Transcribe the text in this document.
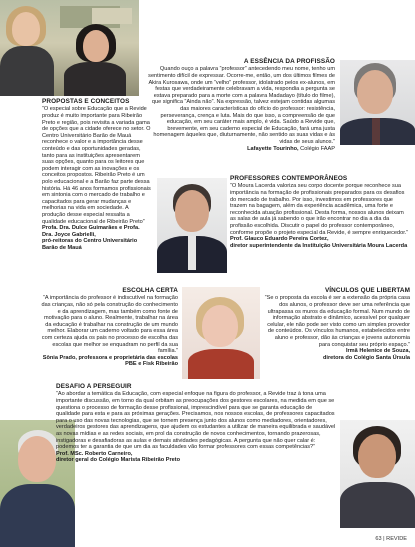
PROPOSTAS E CONCEITOS

“O especial sobre Educação que a Revide produz é muito importante para Ribeirão Preto e região, pois revisita a variada gama de opções que a cidade oferece no setor. O Centro Universitário Barão de Mauá reconhece o valor e a importância desse conteúdo e das oportunidades geradas, tanto para as instituições apresentarem suas opções, quanto para os leitores que podem interagir com as inovações e os conceitos propostos. Ribeirão Preto é um polo educacional e a Barão faz parte dessa história. Há 46 anos formamos profissionais em sintonia com o mercado de trabalho e capacitados para gerar mudanças e melhorias na vida em sociedade. A produção desse especial ressalta a qualidade educacional de Ribeirão Preto”

Profa. Dra. Dulce Guimarães e Profa. Dra. Joyce Gabrielli,

pró-reitoras do Centro Universitário Barão de Mauá

A ESSÊNCIA DA PROFISSÃO

Quando ouço a palavra “professor” antecedendo meu nome, tenho um sentimento difícil de expressar. Ocorre-me, então, um dos últimos filmes de Akira Kurosawa, onde um “velho” professor, idolatrado pelos ex-alunos, em festas que verdadeiramente celebravam a vida, respondia a pergunta se estava preparado para a morte com a palavra Madadayo (título do filme), que significa “Ainda não”. Na expressão, talvez estejam contidas algumas das maiores características do ofício do professor: resistência, perseverança, crença e luta. Mais do que isso, a compreensão de que educação, em seu caráter mais amplo, é vida. Saúdo a Revide que, brevemente, em seu caderno especial de Educação, fará uma justa homenagem àqueles que, diuturnamente, não sentido as suas vidas e às vidas de seus alunos.”

Lafayette Tourinho, Colégio FAAP

PROFESSORES CONTEMPORÂNEOS

“O Moura Lacerda valoriza seu corpo docente porque reconhece sua importância na formação de profissionais preparados para os desafios do mercado de trabalho. Por isso, investimos em professores que trazem na bagagem, além da experiência acadêmica, uma forte e reconhecida atuação profissional. Desta forma, nossos alunos deixam as salas de aula já sabendo o que irão encontrar no dia a dia da profissão escolhida. Discutir o papel do professor contemporâneo, conforme propõe o projeto especial da Revide, é sempre enriquecedor.”

Prof. Glauco Eduardo Pereira Cortez,

diretor superintendente da Instituição Universitária Moura Lacerda

ESCOLHA CERTA

“A importância do professor é indiscutível na formação das crianças, não só pela construção do conhecimento e da aprendizagem, mas também como fonte de motivação para o aluno. Realmente, trabalhar na área da educação é trabalhar na construção de um mundo melhor. Elaborar um caderno voltado para essa área com certeza ajuda os pais no processo de escolha das escolas que melhor se enquadram no perfil da sua família.”

Sônia Prado, professora e proprietária das escolas PBE e Fisk Ribeirão

VÍNCULOS QUE LIBERTAM

“Se o proposta da escola é ser a extensão da própria casa dos alunos, o professor deve ser uma referência que ultrapassa os muros da educação formal. Num mundo de informação abstrato e dinâmico, acessível por qualquer celular, ele não pode ser visto como um simples provedor de conteúdos. Os vínculos humanos, estabelecidos entre aluno e professor, dão às crianças e jovens autonomia para conquistar seu próprio espaço.”

Irmã Helenice de Souza,

diretora do Colégio Santa Úrsula

DESAFIO A PERSEGUIR

“Ao abordar a temática da Educação, com especial enfoque na figura do professor, a Revide traz à tona uma importante discussão, em torno da qual orbitam as preocupações dos gestores escolares, na medida em que se questiona o processo de formação desse profissional, imprescindível para que se garanta educação de qualidade para esta e para as próximas gerações. Precisamos, nos nossos escolas, de professores capacitados para o uso das novas tecnologias, que se tornem presença junto dos alunos como mediadores, orientadores, verdadeiros gestores das aprendizagens, que ajudem os estudantes a utilizar de maneira equilibrada e saudável as novas mídias e as redes sociais, em prol da construção de novos conhecimentos, tornando prazerosas, instigadoras e desafiadoras as aulas e demais atividades pedagógicas. A pergunta que não quer calar é: podemos ter a garantia de que um dia as faculdades vão formar professores com essas competências?”

Prof. MSc. Roberto Carneiro,

diretor geral do Colégio Marista Ribeirão Preto

63 | REVIDE
